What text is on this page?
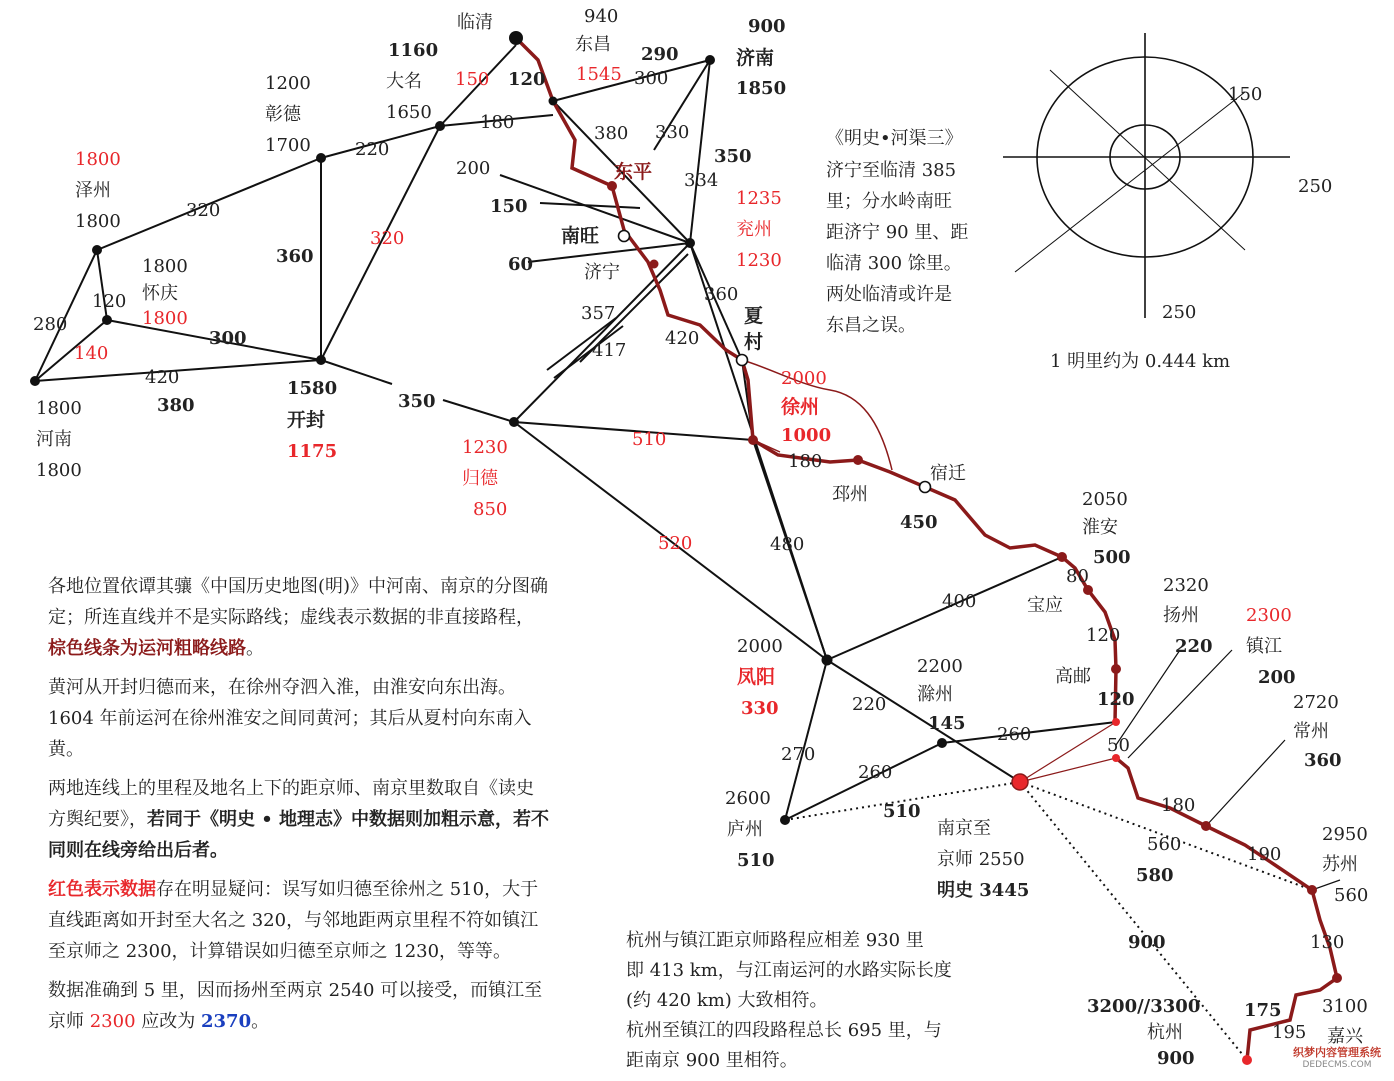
临清	940
东昌
1545
900
济南
1850
290
300
330
120
150
1160
大名
1650	180
380
200	东平
350
334
150
南旺
60	济宁
1235
兖州
1230
360
夏
村
357
417
420
1200
彰德
1700 220
1800
泽州
1800
320
320
360
1800
怀庆
1800
120
280
140
300
420
380
1800
河南
1800
1580
开封
1175
350
2000
徐州
1000
510
1230
归德
850
180
邳州
宿迁
450
2050
淮安
500
520	480
80
宝应
400
120
高邮
120
2320
扬州
220
2300
镇江
200
2000
凤阳
330
2200
滁州
145
220
260
50
2720
常州
360
270
260
2600
庐州
510
510
南京至
京师 2550
明史 3445
180
560
580
190
2950
苏州
560
130
900
3100
嘉兴
175
195
3200//3300
杭州
900
150
250
250
《明史•河渠三》
济宁至临清 385
里；分水岭南旺
距济宁 90 里、距
临清 300 馀里。
两处临清或许是
东昌之误。
1 明里约为 0.444 km

各地位置依谭其骧《中国历史地图(明)》中河南、南京的分图确定；所连直线并不是实际路线；虚线表示数据的非直接路程，棕色线条为运河粗略线路。

黄河从开封归德而来，在徐州夺泗入淮，由淮安向东出海。1604 年前运河在徐州淮安之间同黄河；其后从夏村向东南入黄。

两地连线上的里程及地名上下的距京师、南京里数取自《读史方舆纪要》，若同于《明史 • 地理志》中数据则加粗示意，若不同则在线旁给出后者。

红色表示数据存在明显疑问：误写如归德至徐州之 510，大于直线距离如开封至大名之 320，与邻地距两京里程不符如镇江至京师之 2300，计算错误如归德至京师之 1230，等等。

数据准确到 5 里，因而扬州至两京 2540 可以接受，而镇江至京师 2300 应改为 2370。

杭州与镇江距京师路程应相差 930 里
即 413 km，与江南运河的水路实际长度
(约 420 km) 大致相符。
杭州至镇江的四段路程总长 695 里，与
距南京 900 里相符。	织梦内容管理系统
DEDECMS.COM
